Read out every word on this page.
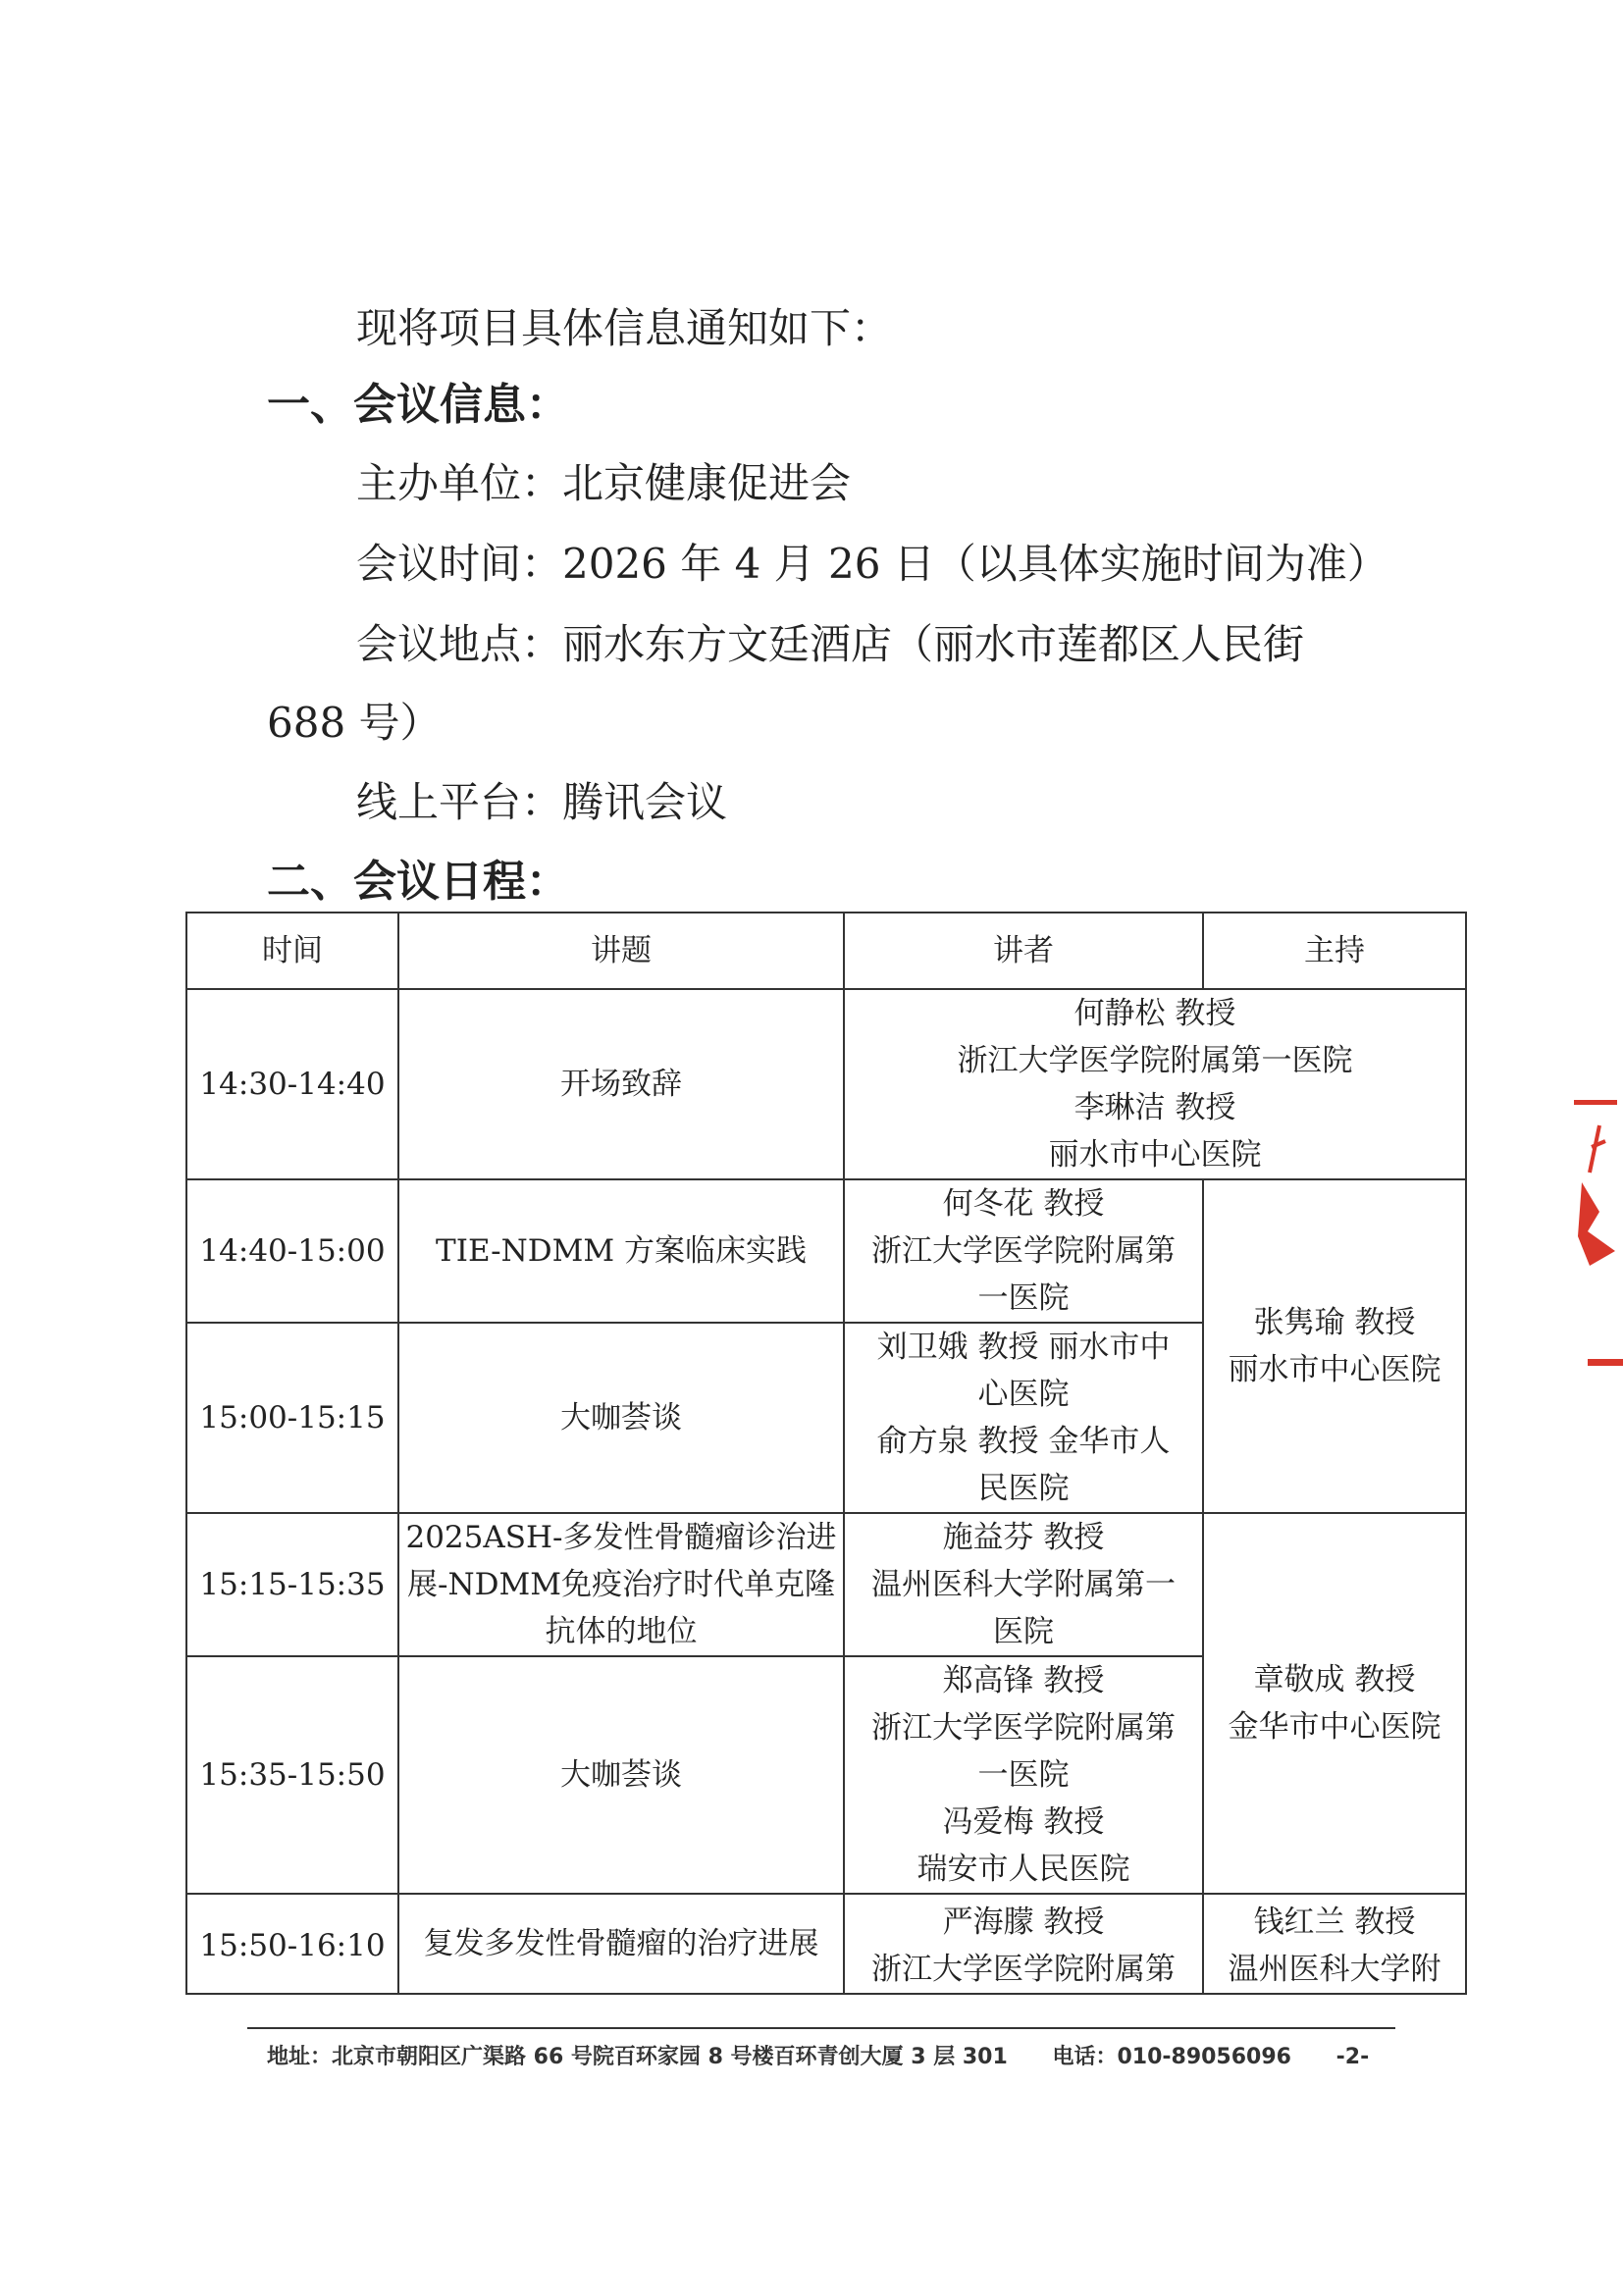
现将项目具体信息通知如下：

一、会议信息：

主办单位：北京健康促进会

会议时间：2026 年 4 月 26 日（以具体实施时间为准）

会议地点：丽水东方文廷酒店（丽水市莲都区人民街

688 号）

线上平台：腾讯会议

二、会议日程：

时间	讲题	讲者	主持
14:30-14:40	开场致辞	何静松 教授
浙江大学医学院附属第一医院
李琳洁 教授
丽水市中心医院	

14:40-15:00	TIE-NDMM 方案临床实践	何冬花 教授
浙江大学医学院附属第
一医院	张隽瑜 教授
丽水市中心医院

15:00-15:15	大咖荟谈	刘卫娥 教授 丽水市中
心医院
俞方泉 教授 金华市人
民医院	

15:15-15:35	2025ASH-多发性骨髓瘤诊治进
展-NDMM免疫治疗时代单克隆
抗体的地位	施益芬 教授
温州医科大学附属第一
医院	章敬成 教授
金华市中心医院

15:35-15:50	大咖荟谈	郑高锋 教授
浙江大学医学院附属第
一医院
冯爱梅 教授
瑞安市人民医院	

15:50-16:10	复发多发性骨髓瘤的治疗进展	严海朦 教授
浙江大学医学院附属第	钱红兰 教授
温州医科大学附
地址：北京市朝阳区广渠路 66 号院百环家园 8 号楼百环青创大厦 3 层 301 电话：010-89056096 -2-
